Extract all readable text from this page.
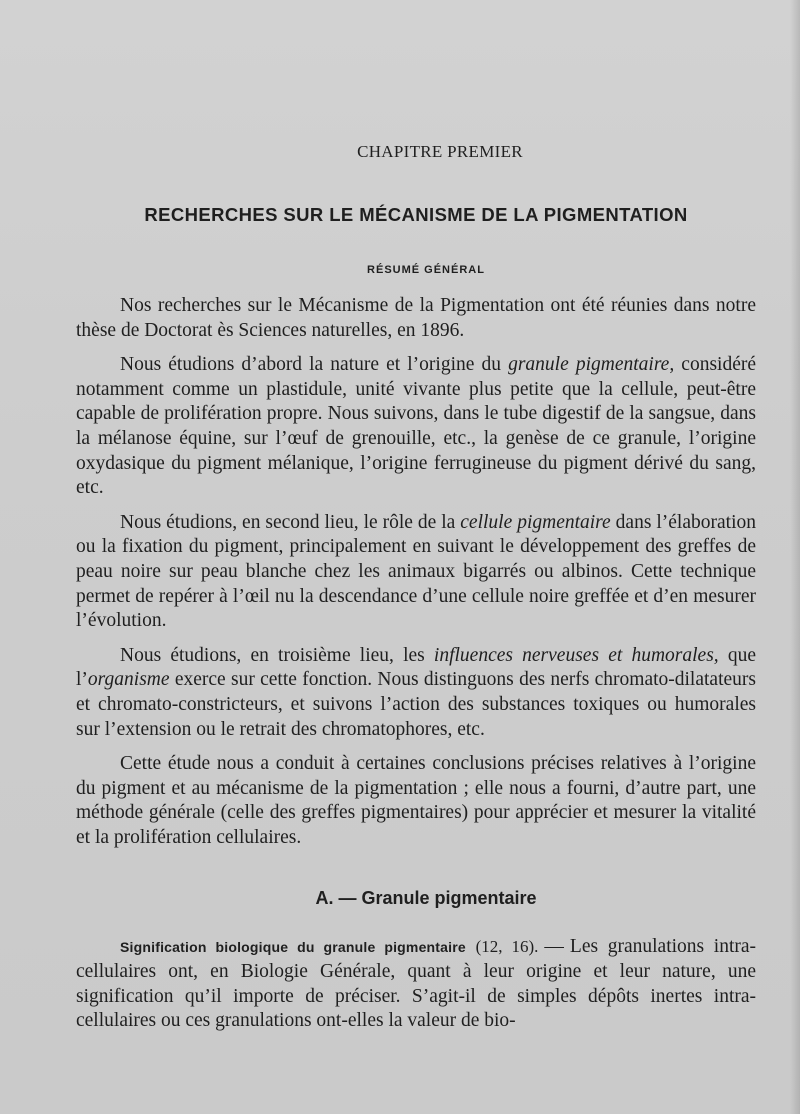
CHAPITRE PREMIER
RECHERCHES SUR LE MÉCANISME DE LA PIGMENTATION
RÉSUMÉ GÉNÉRAL

Nos recherches sur le Mécanisme de la Pigmentation ont été réunies dans notre thèse de Doctorat ès Sciences naturelles, en 1896.

Nous étudions d’abord la nature et l’origine du granule pigmentaire, considéré notamment comme un plastidule, unité vivante plus petite que la cellule, peut-être capable de prolifération propre. Nous suivons, dans le tube digestif de la sangsue, dans la mélanose équine, sur l’œuf de grenouille, etc., la genèse de ce granule, l’origine oxydasique du pigment mélanique, l’origine ferrugineuse du pigment dérivé du sang, etc.

Nous étudions, en second lieu, le rôle de la cellule pigmentaire dans l’élaboration ou la fixation du pigment, principalement en suivant le développement des greffes de peau noire sur peau blanche chez les animaux bigarrés ou albinos. Cette technique permet de repérer à l’œil nu la descendance d’une cellule noire greffée et d’en mesurer l’évolution.

Nous étudions, en troisième lieu, les influences nerveuses et humorales, que l’organisme exerce sur cette fonction. Nous distinguons des nerfs chromato-dilatateurs et chromato-constricteurs, et suivons l’action des substances toxiques ou humorales sur l’extension ou le retrait des chromatophores, etc.

Cette étude nous a conduit à certaines conclusions précises relatives à l’origine du pigment et au mécanisme de la pigmentation ; elle nous a fourni, d’autre part, une méthode générale (celle des greffes pigmentaires) pour apprécier et mesurer la vitalité et la prolifération cellulaires.

A. — Granule pigmentaire

Signification biologique du granule pigmentaire (12, 16). — Les granulations intra-cellulaires ont, en Biologie Générale, quant à leur origine et leur nature, une signification qu’il importe de préciser. S’agit-il de simples dépôts inertes intra-cellulaires ou ces granulations ont-elles la valeur de bio-
